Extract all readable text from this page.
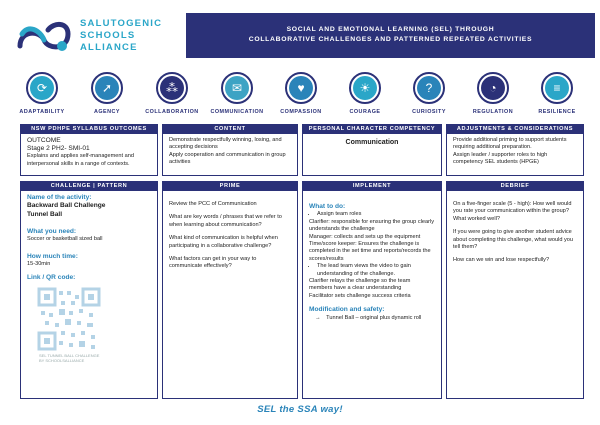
SALUTOGENIC
SCHOOLS
ALLIANCE
SOCIAL AND EMOTIONAL LEARNING (SEL) THROUGH
COLLABORATIVE CHALLENGES AND PATTERNED REPEATED ACTIVITIES
⟳
ADAPTABILITY
➚
AGENCY
⁂
COLLABORATION
✉
COMMUNICATION
♥
COMPASSION
☀
COURAGE
?
CURIOSITY
◔
REGULATION
≡
RESILIENCE
NSW PDHPE SYLLABUS OUTCOMES
OUTCOME
Stage 2 PH2- SMI-01
Explains and applies self-management and interpersonal skills in a range of contexts.
CONTENT
Demonstrate respectfully winning, losing, and accepting decisions
Apply cooperation and communication in group activities
PERSONAL CHARACTER COMPETENCY
Communication
ADJUSTMENTS & CONSIDERATIONS
Provide additional priming to support students requiring additional preparation.
Assign leader / supporter roles to high competency SEL students (HPGE)
CHALLENGE | PATTERN
Name of the activity:
Backward Ball Challenge
Tunnel Ball
What you need:
Soccer or basketball sized ball
How much time:
15-30min
Link / QR code:
SEL TUNNEL BALL CHALLENGE
BY SCHOOLSALLIANCE
PRIME

Review the PCC of Communication

What are key words / phrases that we refer to when learning about communication?

What kind of communication is helpful when participating in a collaborative challenge?

What factors can get in your way to communicate effectively?

IMPLEMENT
What to do:
• Assign team roles
Clarifier: responsible for ensuring the group clearly understands the challenge
Manager: collects and sets up the equipment
Time/score keeper: Ensures the challenge is completed in the set time and reports/records the scores/results
• The lead team views the video to gain understanding of the challenge.
Clarifier relays the challenge so the team members have a clear understanding
Facilitator sets challenge success criteria
Modification and safety:
→ Tunnel Ball – original plus dynamic roll
DEBRIEF

On a five-finger scale (5 - high): How well would you rate your communication within the group? What worked well?

If you were going to give another student advice about completing this challenge, what would you tell them?

How can we win and lose respectfully?

SEL the SSA way!
